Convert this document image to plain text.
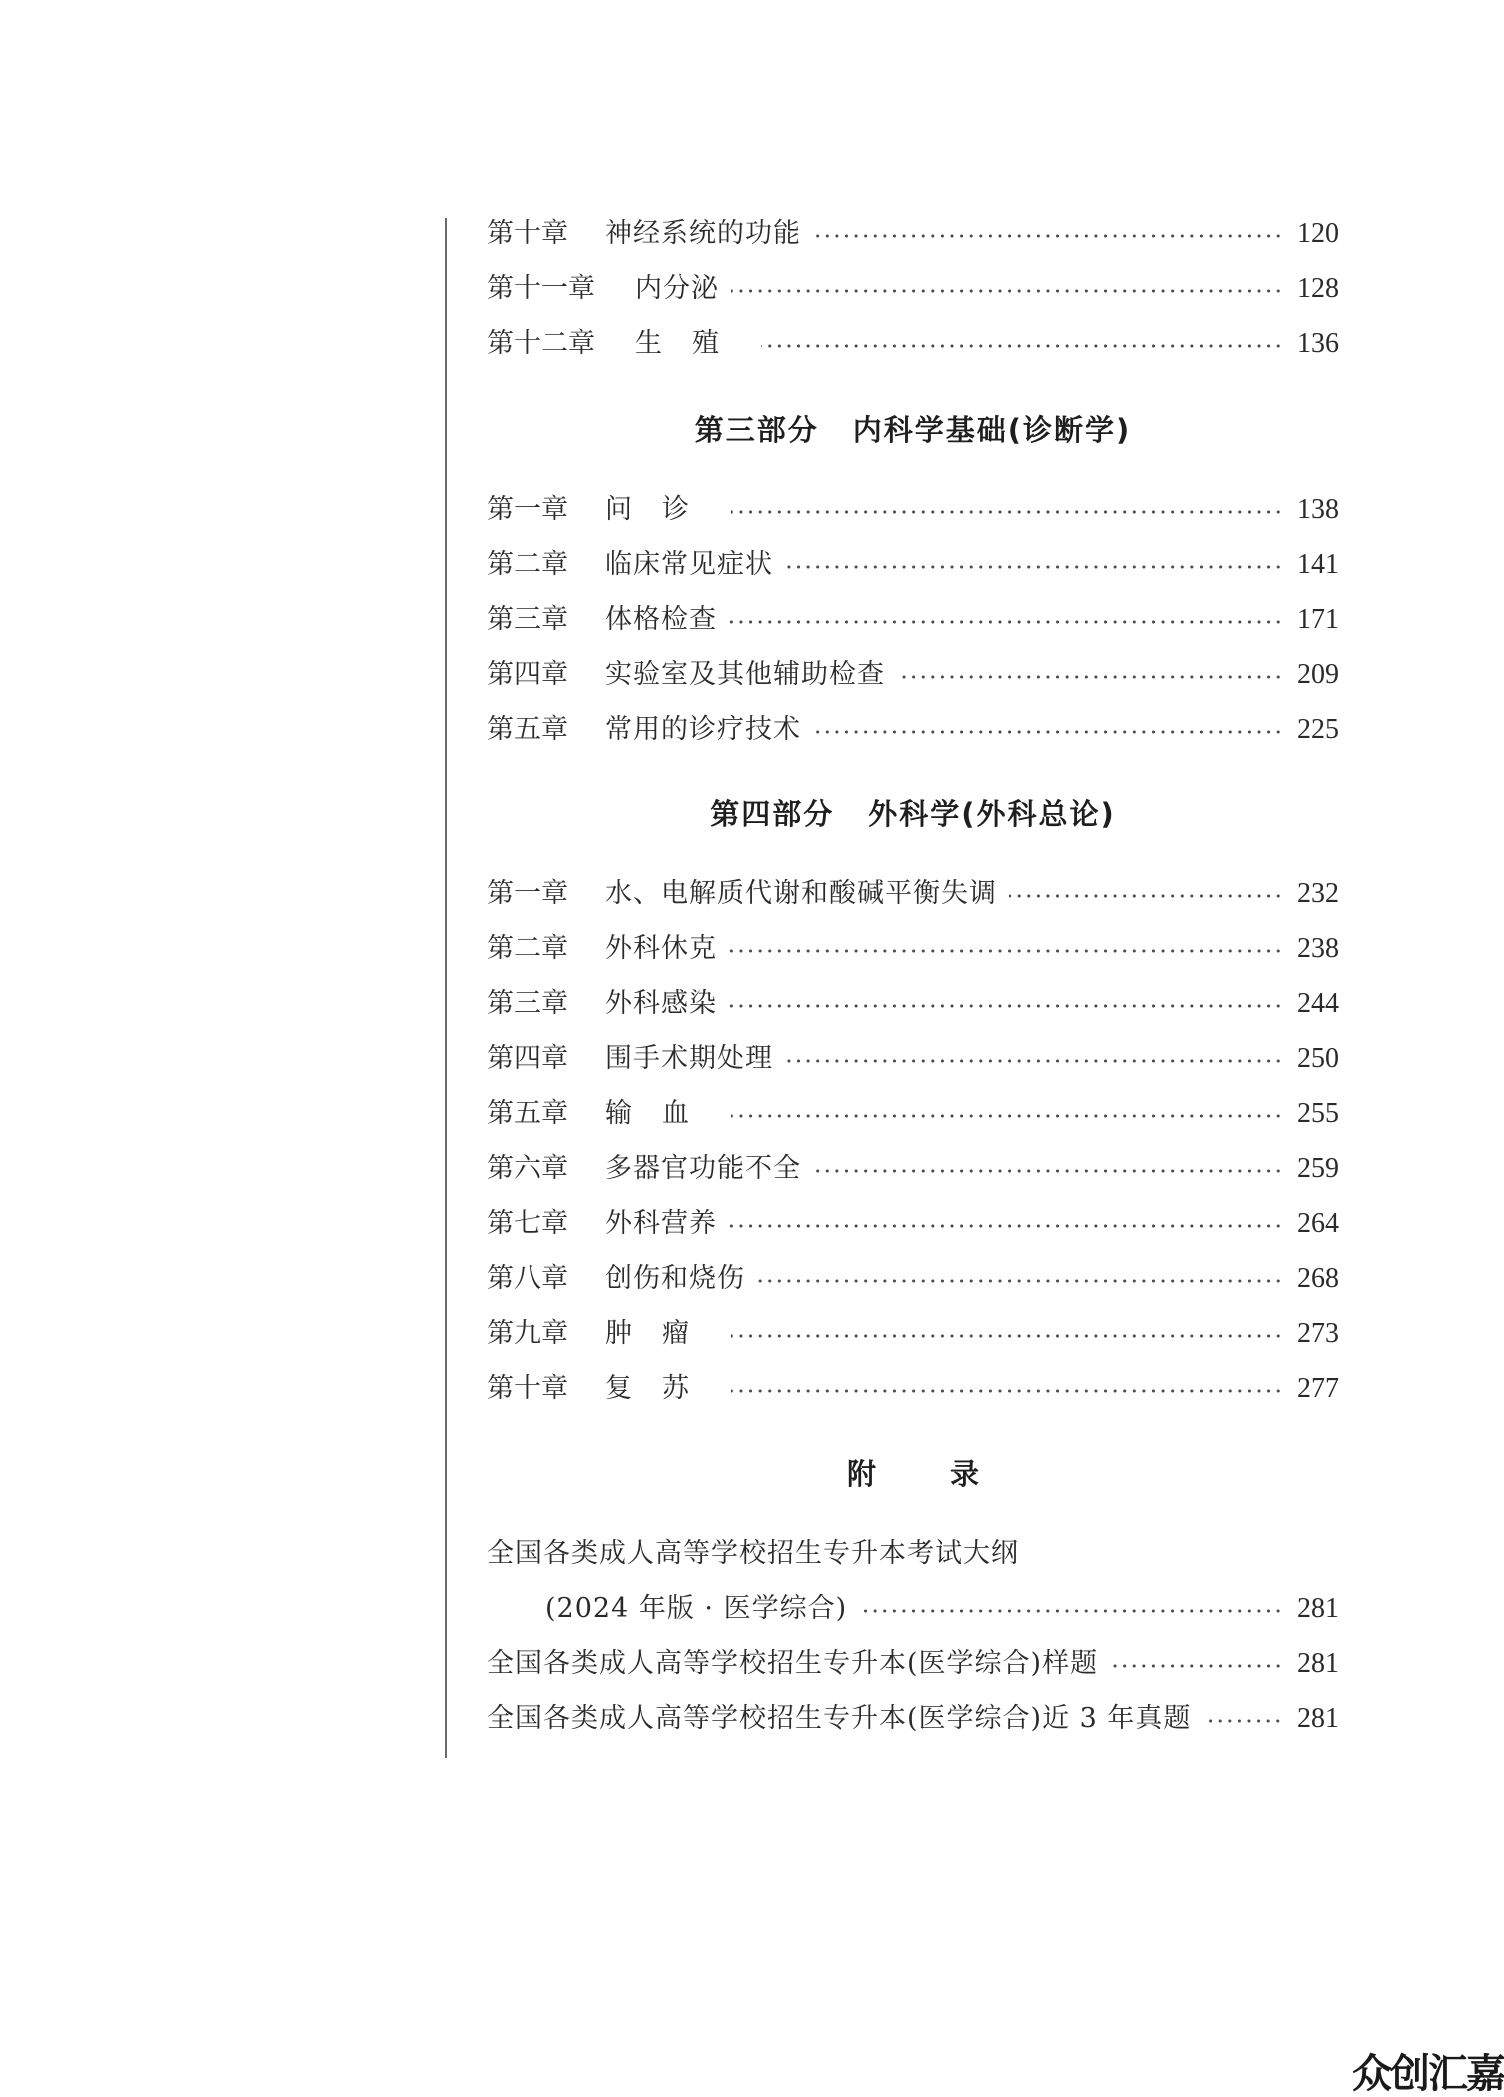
第十章	神经系统的功能	120
第十一章	内分泌	128
第十二章	生殖	136
第三部分 内科学基础(诊断学)
第一章	问诊	138
第二章	临床常见症状	141
第三章	体格检查	171
第四章	实验室及其他辅助检查	209
第五章	常用的诊疗技术	225
第四部分 外科学(外科总论)
第一章	水、电解质代谢和酸碱平衡失调	232
第二章	外科休克	238
第三章	外科感染	244
第四章	围手术期处理	250
第五章	输血	255
第六章	多器官功能不全	259
第七章	外科营养	264
第八章	创伤和烧伤	268
第九章	肿瘤	273
第十章	复苏	277
附	录
全国各类成人高等学校招生专升本考试大纲
(2024 年版 · 医学综合)	281
全国各类成人高等学校招生专升本(医学综合)样题	281
全国各类成人高等学校招生专升本(医学综合)近 3 年真题	281
众创汇嘉
